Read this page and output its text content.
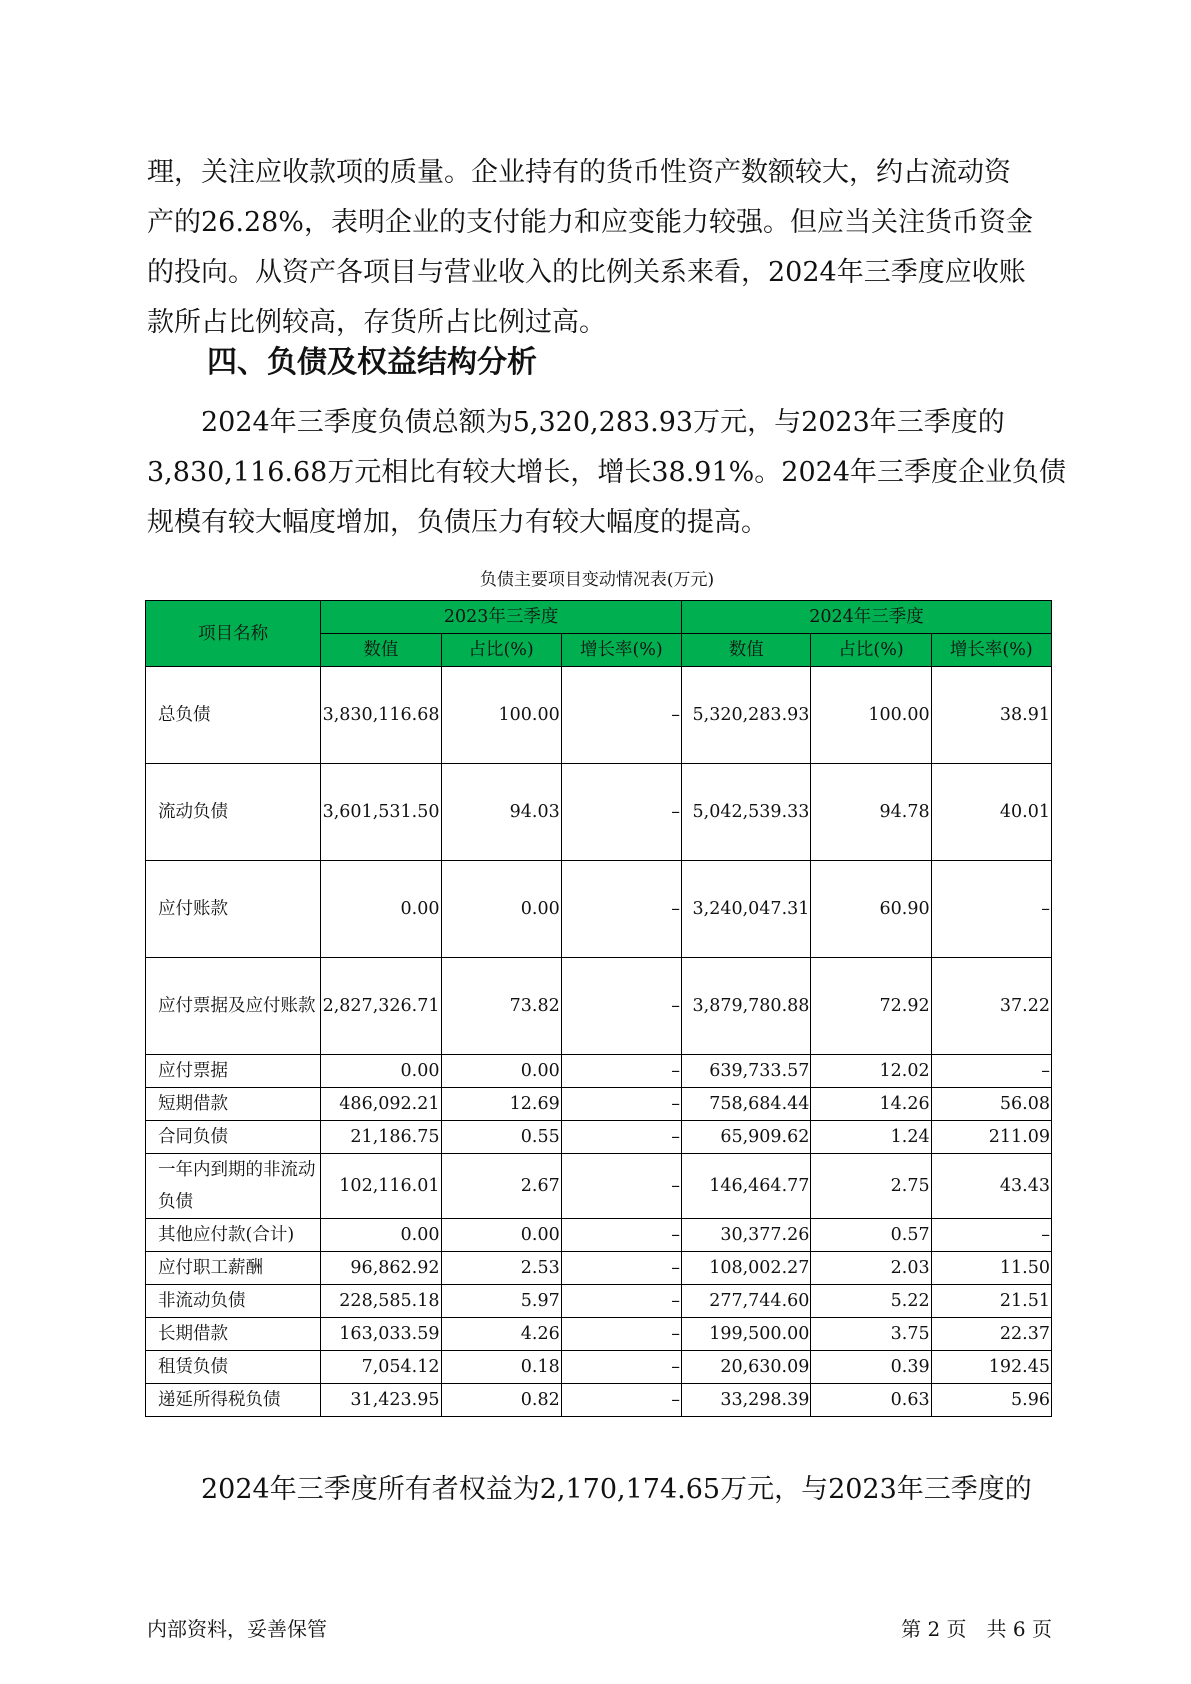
理，关注应收款项的质量。企业持有的货币性资产数额较大，约占流动资
产的26.28%，表明企业的支付能力和应变能力较强。但应当关注货币资金
的投向。从资产各项目与营业收入的比例关系来看，2024年三季度应收账
款所占比例较高，存货所占比例过高。
四、负债及权益结构分析
　　2024年三季度负债总额为5,320,283.93万元，与2023年三季度的
3,830,116.68万元相比有较大增长，增长38.91%。2024年三季度企业负债
规模有较大幅度增加，负债压力有较大幅度的提高。
负债主要项目变动情况表(万元)
项目名称	2023年三季度			2024年三季度		
	数值	占比(%)	增长率(%)	数值	占比(%)	增长率(%)
总负债	3,830,116.68	100.00	–	5,320,283.93	100.00	38.91
流动负债	3,601,531.50	94.03	–	5,042,539.33	94.78	40.01
应付账款	0.00	0.00	–	3,240,047.31	60.90	–
应付票据及应付账款	2,827,326.71	73.82	–	3,879,780.88	72.92	37.22
应付票据	0.00	0.00	–	639,733.57	12.02	–
短期借款	486,092.21	12.69	–	758,684.44	14.26	56.08
合同负债	21,186.75	0.55	–	65,909.62	1.24	211.09
一年内到期的非流动负债	102,116.01	2.67	–	146,464.77	2.75	43.43
其他应付款(合计)	0.00	0.00	–	30,377.26	0.57	–
应付职工薪酬	96,862.92	2.53	–	108,002.27	2.03	11.50
非流动负债	228,585.18	5.97	–	277,744.60	5.22	21.51
长期借款	163,033.59	4.26	–	199,500.00	3.75	22.37
租赁负债	7,054.12	0.18	–	20,630.09	0.39	192.45
递延所得税负债	31,423.95	0.82	–	33,298.39	0.63	5.96
　　2024年三季度所有者权益为2,170,174.65万元，与2023年三季度的
内部资料，妥善保管	第 2 页　共 6 页
